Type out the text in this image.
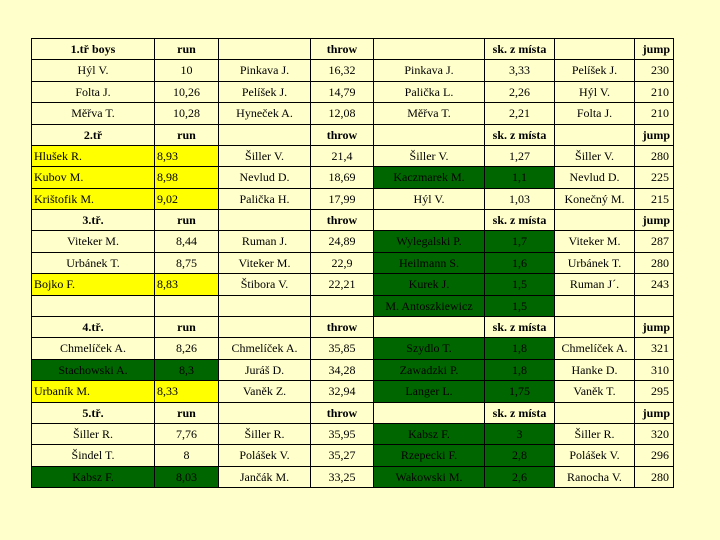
1.tř boys	run		throw		sk. z místa		jump
Hýl V.	10	Pinkava J.	16,32	Pinkava J.	3,33	Pelíšek J.	230
Folta J.	10,26	Pelíšek J.	14,79	Palička L.	2,26	Hýl V.	210
Měřva T.	10,28	Hyneček A.	12,08	Měřva T.	2,21	Folta J.	210
2.tř	run		throw		sk. z místa		jump
Hlušek R.	8,93	Šiller V.	21,4	Šiller V.	1,27	Šiller V.	280
Kubov M.	8,98	Nevlud D.	18,69	Kaczmarek M.	1,1	Nevlud D.	225
Krištofik M.	9,02	Palička H.	17,99	Hýl V.	1,03	Konečný M.	215
3.tř.	run		throw		sk. z místa		jump
Viteker M.	8,44	Ruman J.	24,89	Wylegalski P.	1,7	Viteker M.	287
Urbánek T.	8,75	Viteker M.	22,9	Heilmann S.	1,6	Urbánek T.	280
Bojko F.	8,83	Štibora V.	22,21	Kurek J.	1,5	Ruman J´.	243
				M. Antoszkiewicz	1,5		
4.tř.	run		throw		sk. z místa		jump
Chmelíček A.	8,26	Chmelíček A.	35,85	Szydlo T.	1,8	Chmelíček A.	321
Stachowski A.	8,3	Juráš D.	34,28	Zawadzki P.	1,8	Hanke D.	310
Urbaník M.	8,33	Vaněk Z.	32,94	Langer L.	1,75	Vaněk T.	295
5.tř.	run		throw		sk. z místa		jump
Šiller R.	7,76	Šiller R.	35,95	Kabsz F.	3	Šiller R.	320
Šindel T.	8	Polášek V.	35,27	Rzepecki F.	2,8	Polášek V.	296
Kabsz F.	8,03	Jančák M.	33,25	Wakowski M.	2,6	Ranocha V.	280
